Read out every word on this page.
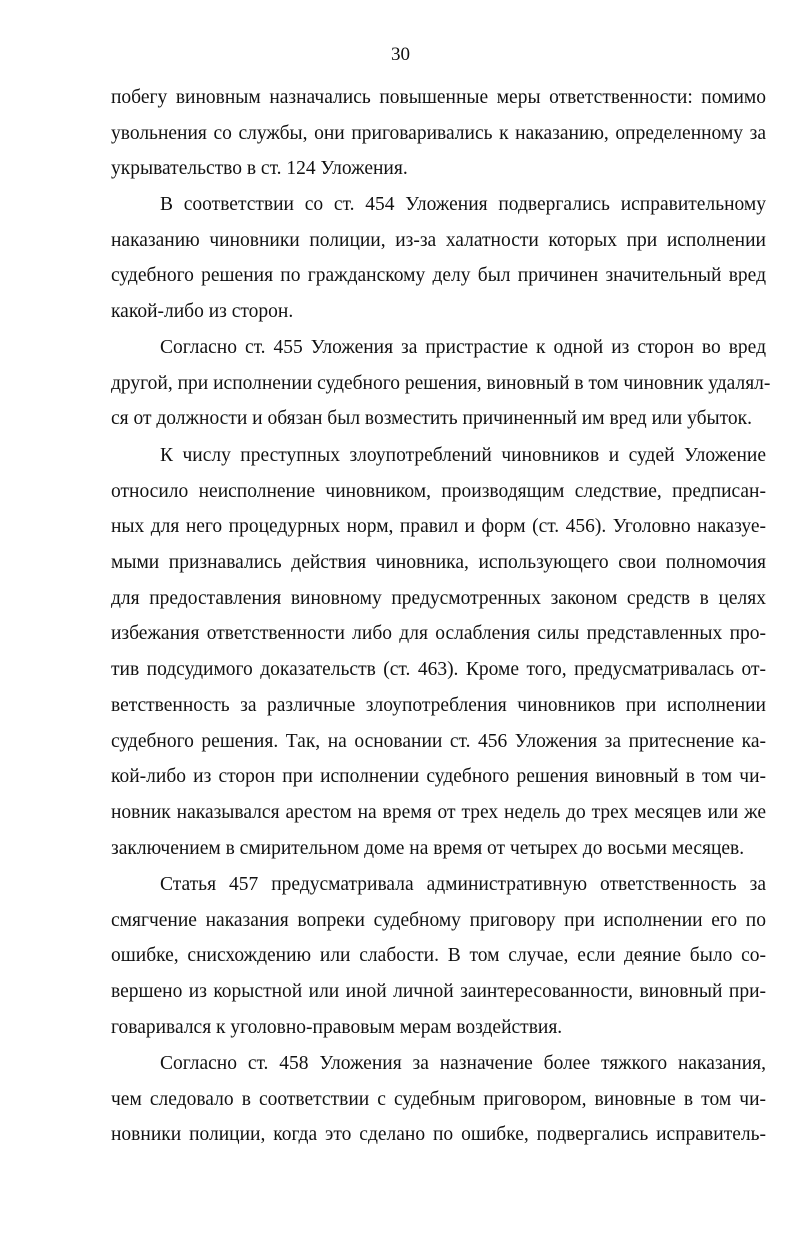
30
побегу виновным назначались повышенные меры ответственности: помимо
увольнения со службы, они приговаривались к наказанию, определенному за
укрывательство в ст. 124 Уложения.
В соответствии со ст. 454 Уложения подвергались исправительному
наказанию чиновники полиции, из-за халатности которых при исполнении
судебного решения по гражданскому делу был причинен значительный вред
какой-либо из сторон.
Согласно ст. 455 Уложения за пристрастие к одной из сторон во вред
другой, при исполнении судебного решения, виновный в том чиновник удалял-
ся от должности и обязан был возместить причиненный им вред или убыток.
К числу преступных злоупотреблений чиновников и судей Уложение
относило неисполнение чиновником, производящим следствие, предписан-
ных для него процедурных норм, правил и форм (ст. 456). Уголовно наказуе-
мыми признавались действия чиновника, использующего свои полномочия
для предоставления виновному предусмотренных законом средств в целях
избежания ответственности либо для ослабления силы представленных про-
тив подсудимого доказательств (ст. 463). Кроме того, предусматривалась от-
ветственность за различные злоупотребления чиновников при исполнении
судебного решения. Так, на основании ст. 456 Уложения за притеснение ка-
кой-либо из сторон при исполнении судебного решения виновный в том чи-
новник наказывался арестом на время от трех недель до трех месяцев или же
заключением в смирительном доме на время от четырех до восьми месяцев.
Статья 457 предусматривала административную ответственность за
смягчение наказания вопреки судебному приговору при исполнении его по
ошибке, снисхождению или слабости. В том случае, если деяние было со-
вершено из корыстной или иной личной заинтересованности, виновный при-
говаривался к уголовно-правовым мерам воздействия.
Согласно ст. 458 Уложения за назначение более тяжкого наказания,
чем следовало в соответствии с судебным приговором, виновные в том чи-
новники полиции, когда это сделано по ошибке, подвергались исправитель-
